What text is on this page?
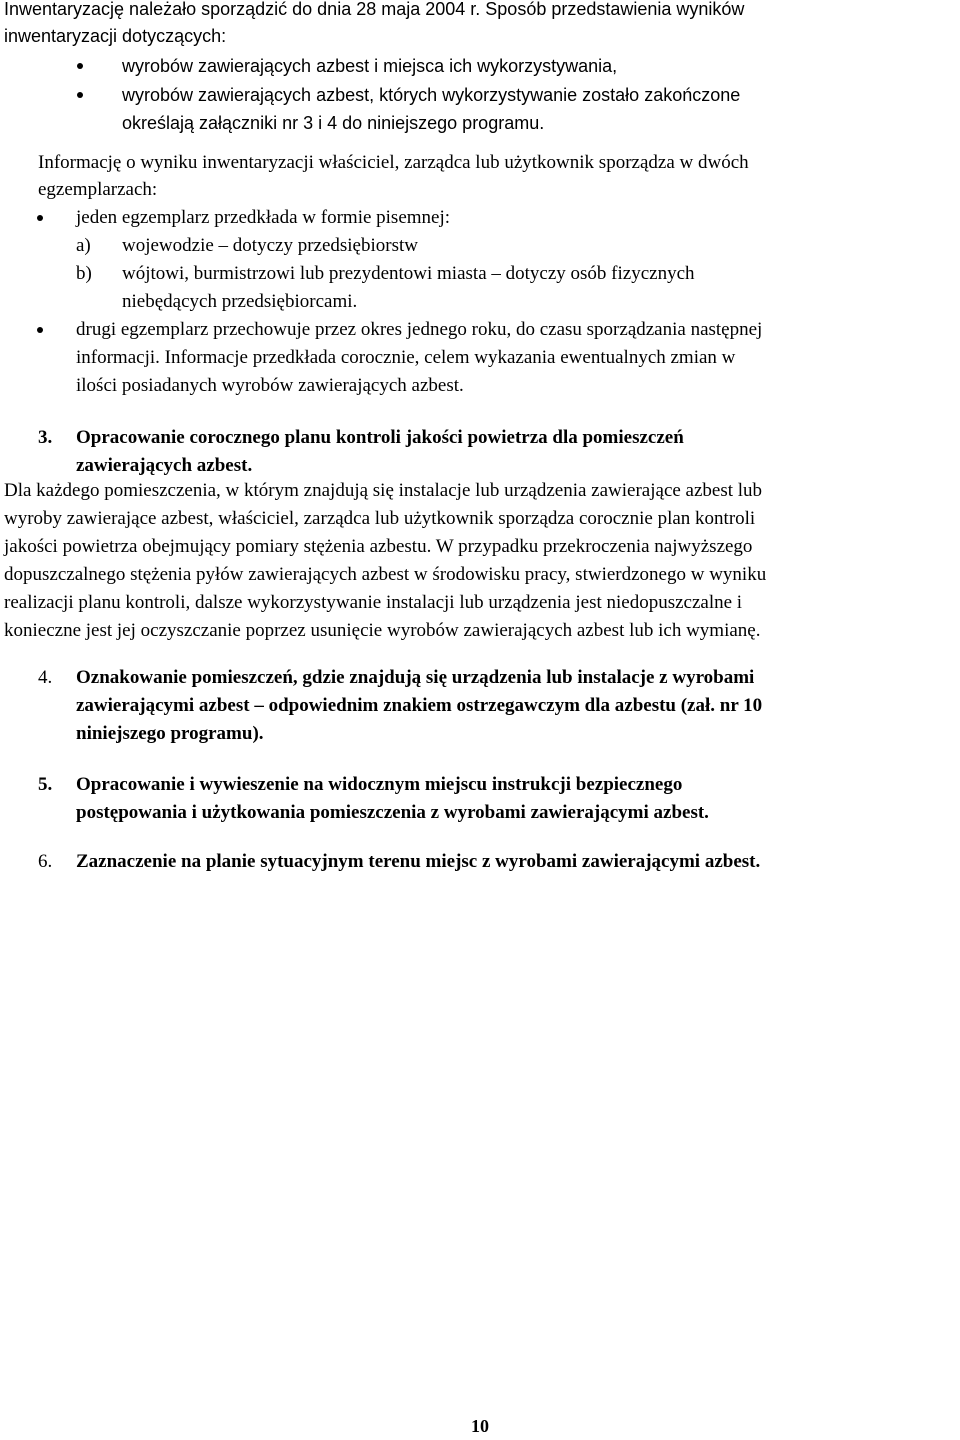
Inwentaryzację należało sporządzić do dnia 28 maja 2004 r. Sposób przedstawienia wyników
inwentaryzacji dotyczących:
wyrobów zawierających azbest i miejsca ich wykorzystywania,
wyrobów zawierających azbest, których wykorzystywanie zostało zakończone
określają załączniki nr 3 i 4 do niniejszego programu.
Informację o wyniku inwentaryzacji właściciel, zarządca lub użytkownik sporządza w dwóch
egzemplarzach:
jeden egzemplarz przedkłada w formie pisemnej:
a) wojewodzie – dotyczy przedsiębiorstw
b) wójtowi, burmistrzowi lub prezydentowi miasta – dotyczy osób fizycznych
niebędących przedsiębiorcami.
drugi egzemplarz przechowuje przez okres jednego roku, do czasu sporządzania następnej
informacji. Informacje przedkłada corocznie, celem wykazania ewentualnych zmian w
ilości posiadanych wyrobów zawierających azbest.
3. Opracowanie corocznego planu kontroli jakości powietrza dla pomieszczeń
zawierających azbest.
Dla każdego pomieszczenia, w którym znajdują się instalacje lub urządzenia zawierające azbest lub
wyroby zawierające azbest, właściciel, zarządca lub użytkownik sporządza corocznie plan kontroli
jakości powietrza obejmujący pomiary stężenia azbestu. W przypadku przekroczenia najwyższego
dopuszczalnego stężenia pyłów zawierających azbest w środowisku pracy, stwierdzonego w wyniku
realizacji planu kontroli, dalsze wykorzystywanie instalacji lub urządzenia jest niedopuszczalne i
konieczne jest jej oczyszczanie poprzez usunięcie wyrobów zawierających azbest lub ich wymianę.
4. Oznakowanie pomieszczeń, gdzie znajdują się urządzenia lub instalacje z wyrobami
zawierającymi azbest – odpowiednim znakiem ostrzegawczym dla azbestu (zał. nr 10
niniejszego programu).
5. Opracowanie i wywieszenie na widocznym miejscu instrukcji bezpiecznego
postępowania i użytkowania pomieszczenia z wyrobami zawierającymi azbest.
6. Zaznaczenie na planie sytuacyjnym terenu miejsc z wyrobami zawierającymi azbest.
10
